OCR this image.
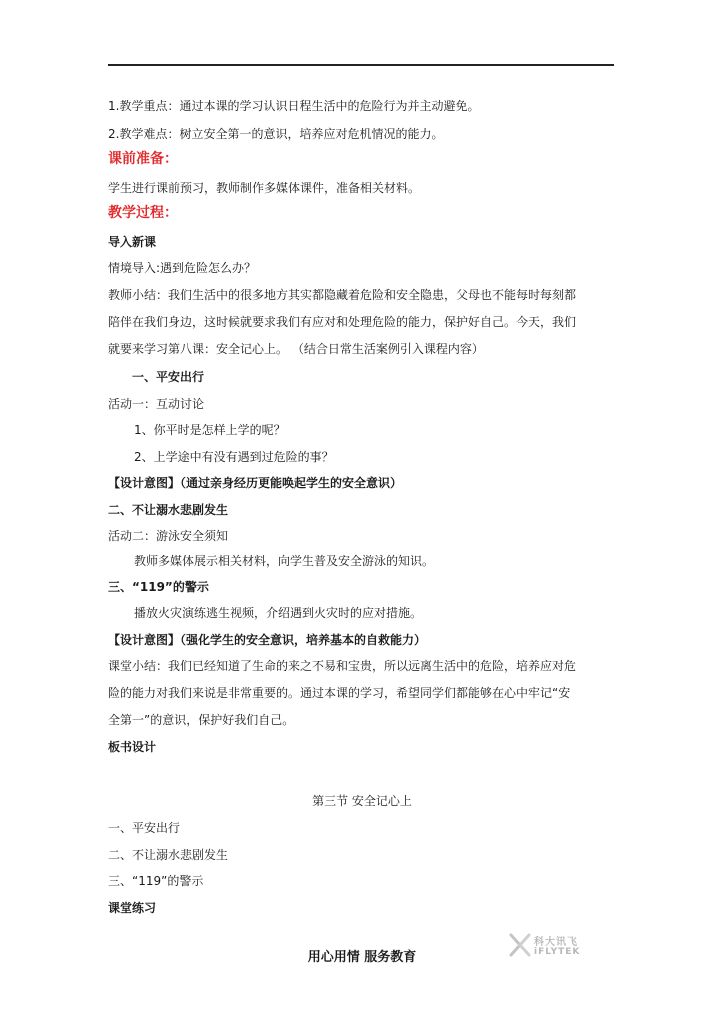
1.教学重点：通过本课的学习认识日程生活中的危险行为并主动避免。
2.教学难点：树立安全第一的意识，培养应对危机情况的能力。
课前准备：
学生进行课前预习，教师制作多媒体课件，准备相关材料。
教学过程：
导入新课
情境导入:遇到危险怎么办？
教师小结：我们生活中的很多地方其实都隐藏着危险和安全隐患，父母也不能每时每刻都
陪伴在我们身边，这时候就要求我们有应对和处理危险的能力，保护好自己。今天，我们
就要来学习第八课：安全记心上。 （结合日常生活案例引入课程内容）
一、平安出行
活动一：互动讨论
1、你平时是怎样上学的呢？
2、上学途中有没有遇到过危险的事？
【设计意图】（通过亲身经历更能唤起学生的安全意识）
二、不让溺水悲剧发生
活动二：游泳安全须知
教师多媒体展示相关材料，向学生普及安全游泳的知识。
三、“119”的警示
播放火灾演练逃生视频，介绍遇到火灾时的应对措施。
【设计意图】（强化学生的安全意识，培养基本的自救能力）
课堂小结：我们已经知道了生命的来之不易和宝贵，所以远离生活中的危险，培养应对危
险的能力对我们来说是非常重要的。通过本课的学习，希望同学们都能够在心中牢记“安
全第一”的意识，保护好我们自己。
板书设计
第三节 安全记心上
一、平安出行
二、不让溺水悲剧发生
三、“119”的警示
课堂练习
科大讯飞
iFLYTEK
用心用情 服务教育
